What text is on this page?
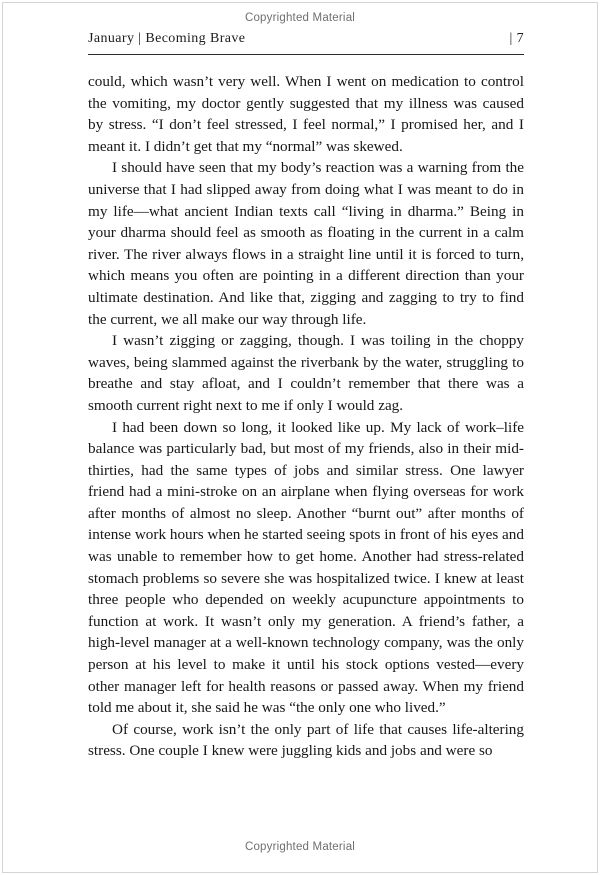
Copyrighted Material
January | Becoming Brave	| 7

could, which wasn’t very well. When I went on medication to control the vomiting, my doctor gently suggested that my illness was caused by stress. “I don’t feel stressed, I feel normal,” I promised her, and I meant it. I didn’t get that my “normal” was skewed.

I should have seen that my body’s reaction was a warning from the universe that I had slipped away from doing what I was meant to do in my life—what ancient Indian texts call “living in dharma.” Being in your dharma should feel as smooth as floating in the current in a calm river. The river always flows in a straight line until it is forced to turn, which means you often are pointing in a different direction than your ultimate destination. And like that, zigging and zagging to try to find the current, we all make our way through life.

I wasn’t zigging or zagging, though. I was toiling in the choppy waves, being slammed against the riverbank by the water, struggling to breathe and stay afloat, and I couldn’t remember that there was a smooth current right next to me if only I would zag.

I had been down so long, it looked like up. My lack of work–life balance was particularly bad, but most of my friends, also in their mid-thirties, had the same types of jobs and similar stress. One lawyer friend had a mini-stroke on an airplane when flying overseas for work after months of almost no sleep. Another “burnt out” after months of intense work hours when he started seeing spots in front of his eyes and was unable to remember how to get home. Another had stress-related stomach problems so severe she was hospitalized twice. I knew at least three people who depended on weekly acupuncture appointments to function at work. It wasn’t only my generation. A friend’s father, a high-level manager at a well-known technology company, was the only person at his level to make it until his stock options vested—every other manager left for health reasons or passed away. When my friend told me about it, she said he was “the only one who lived.”

Of course, work isn’t the only part of life that causes life-altering stress. One couple I knew were juggling kids and jobs and were so

Copyrighted Material
